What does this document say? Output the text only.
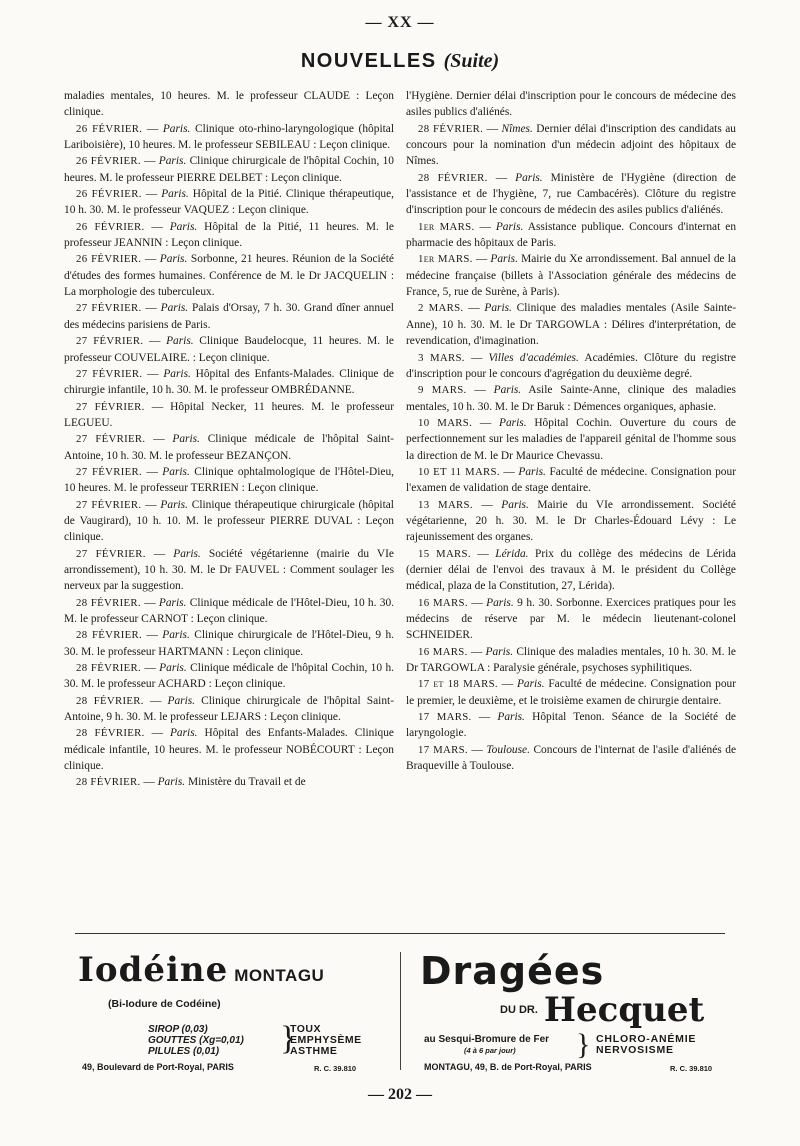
— XX —
NOUVELLES (Suite)

maladies mentales, 10 heures. M. le professeur CLAUDE : Leçon clinique.

26 FÉVRIER. — Paris. Clinique oto-rhino-laryngologique (hôpital Lariboisière), 10 heures. M. le professeur SEBILEAU : Leçon clinique.

26 FÉVRIER. — Paris. Clinique chirurgicale de l'hôpital Cochin, 10 heures. M. le professeur PIERRE DELBET : Leçon clinique.

26 FÉVRIER. — Paris. Hôpital de la Pitié. Clinique thérapeutique, 10 h. 30. M. le professeur VAQUEZ : Leçon clinique.

26 FÉVRIER. — Paris. Hôpital de la Pitié, 11 heures. M. le professeur JEANNIN : Leçon clinique.

26 FÉVRIER. — Paris. Sorbonne, 21 heures. Réunion de la Société d'études des formes humaines. Conférence de M. le Dr JACQUELIN : La morphologie des tuberculeux.

27 FÉVRIER. — Paris. Palais d'Orsay, 7 h. 30. Grand dîner annuel des médecins parisiens de Paris.

27 FÉVRIER. — Paris. Clinique Baudelocque, 11 heures. M. le professeur COUVELAIRE. : Leçon clinique.

27 FÉVRIER. — Paris. Hôpital des Enfants-Malades. Clinique de chirurgie infantile, 10 h. 30. M. le professeur OMBRÉDANNE.

27 FÉVRIER. — Hôpital Necker, 11 heures. M. le professeur LEGUEU.

27 FÉVRIER. — Paris. Clinique médicale de l'hôpital Saint-Antoine, 10 h. 30. M. le professeur BEZANÇON.

27 FÉVRIER. — Paris. Clinique ophtalmologique de l'Hôtel-Dieu, 10 heures. M. le professeur TERRIEN : Leçon clinique.

27 FÉVRIER. — Paris. Clinique thérapeutique chirurgicale (hôpital de Vaugirard), 10 h. 10. M. le professeur PIERRE DUVAL : Leçon clinique.

27 FÉVRIER. — Paris. Société végétarienne (mairie du VIe arrondissement), 10 h. 30. M. le Dr FAUVEL : Comment soulager les nerveux par la suggestion.

28 FÉVRIER. — Paris. Clinique médicale de l'Hôtel-Dieu, 10 h. 30. M. le professeur CARNOT : Leçon clinique.

28 FÉVRIER. — Paris. Clinique chirurgicale de l'Hôtel-Dieu, 9 h. 30. M. le professeur HARTMANN : Leçon clinique.

28 FÉVRIER. — Paris. Clinique médicale de l'hôpital Cochin, 10 h. 30. M. le professeur ACHARD : Leçon clinique.

28 FÉVRIER. — Paris. Clinique chirurgicale de l'hôpital Saint-Antoine, 9 h. 30. M. le professeur LEJARS : Leçon clinique.

28 FÉVRIER. — Paris. Hôpital des Enfants-Malades. Clinique médicale infantile, 10 heures. M. le professeur NOBÉCOURT : Leçon clinique.

28 FÉVRIER. — Paris. Ministère du Travail et de

l'Hygiène. Dernier délai d'inscription pour le concours de médecine des asiles publics d'aliénés.

28 FÉVRIER. — Nîmes. Dernier délai d'inscription des candidats au concours pour la nomination d'un médecin adjoint des hôpitaux de Nîmes.

28 FÉVRIER. — Paris. Ministère de l'Hygiène (direction de l'assistance et de l'hygiène, 7, rue Cambacérès). Clôture du registre d'inscription pour le concours de médecin des asiles publics d'aliénés.

1er MARS. — Paris. Assistance publique. Concours d'internat en pharmacie des hôpitaux de Paris.

1er MARS. — Paris. Mairie du Xe arrondissement. Bal annuel de la médecine française (billets à l'Association générale des médecins de France, 5, rue de Surène, à Paris).

2 MARS. — Paris. Clinique des maladies mentales (Asile Sainte-Anne), 10 h. 30. M. le Dr TARGOWLA : Délires d'interprétation, de revendication, d'imagination.

3 MARS. — Villes d'académies. Académies. Clôture du registre d'inscription pour le concours d'agrégation du deuxième degré.

9 MARS. — Paris. Asile Sainte-Anne, clinique des maladies mentales, 10 h. 30. M. le Dr Baruk : Démences organiques, aphasie.

10 MARS. — Paris. Hôpital Cochin. Ouverture du cours de perfectionnement sur les maladies de l'appareil génital de l'homme sous la direction de M. le Dr Maurice Chevassu.

10 ET 11 MARS. — Paris. Faculté de médecine. Consignation pour l'examen de validation de stage dentaire.

13 MARS. — Paris. Mairie du VIe arrondissement. Société végétarienne, 20 h. 30. M. le Dr Charles-Édouard Lévy : Le rajeunissement des organes.

15 MARS. — Lérida. Prix du collège des médecins de Lérida (dernier délai de l'envoi des travaux à M. le président du Collège médical, plaza de la Constitution, 27, Lérida).

16 MARS. — Paris. 9 h. 30. Sorbonne. Exercices pratiques pour les médecins de réserve par M. le médecin lieutenant-colonel SCHNEIDER.

16 MARS. — Paris. Clinique des maladies mentales, 10 h. 30. M. le Dr TARGOWLA : Paralysie générale, psychoses syphilitiques.

17 et 18 MARS. — Paris. Faculté de médecine. Consignation pour le premier, le deuxième, et le troisième examen de chirurgie dentaire.

17 MARS. — Paris. Hôpital Tenon. Séance de la Société de laryngologie.

17 MARS. — Toulouse. Concours de l'internat de l'asile d'aliénés de Braqueville à Toulouse.

Iodéine MONTAGU
(Bi-Iodure de Codéine)
SIROP (0,03)
GOUTTES (Xg=0,01)
PILULES (0,01)	}
TOUX
EMPHYSÈME
ASTHME
49, Boulevard de Port-Royal, PARIS	R. C. 39.810
Dragées
DU DR. Hecquet
au Sesqui-Bromure de Fer
(4 à 6 par jour)	} CHLORO-ANÉMIE
NERVOSISME
MONTAGU, 49, B. de Port-Royal, PARIS	R. C. 39.810
— 202 —
